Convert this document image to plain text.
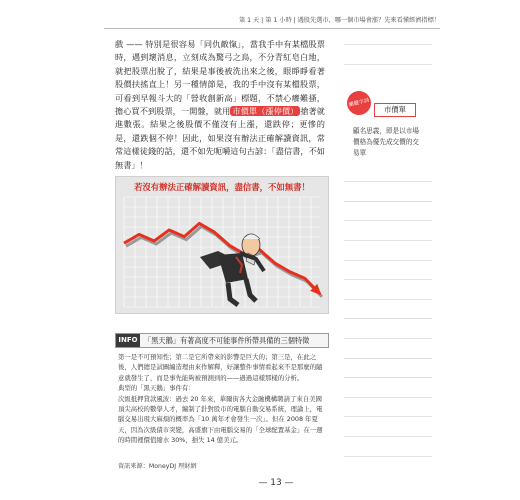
第 1 天 | 第 1 小時 | 遇股先選市，哪一個市場會漲？先來看懂經濟指標！
戲 —— 特別是很容易「同仇敵愾」，當我手中有某檔股票時，遇到壞消息，立刻成為驚弓之鳥，不分青紅皂白地，就把股票出脫了，結果是事後被洗出來之後，眼睜睜看著股價扶搖直上！另一種情節是，我的手中沒有某檔股票，可看到早報斗大的「營收創新高」標題，不禁心癢難搔，擔心買不到股票，一開盤，就用 市價單（漲停價） 搶著就進數張。結果之後股價不僅沒有上漲，還跌停；更慘的是，還跌個不停！因此，如果沒有辦法正確解讀資訊，常常這樣徒錢的話，還不如先呃嚼這句古諺：「盡信書，不如無書」！
若沒有辦法正確解讀資訊，盡信書，不如無書！
INFO 「黑天鵝」有著高度不可能事件所帶具備的三個特徵
第一是不可預知性；第二是它所帶來的影響是巨大的；第三是，在此之後，人們總是試圖編造理由來作解釋，好讓整件事情看起來不是那麼的隨意就發生了，而是事先能夠被預測到的——過過這樣那樣的分析。
典型的「黑天鵝」事件有：
次級抵押貸款風波：過去 20 年來，華爾街各大金融機構聘請了來自美國頂尖高校的數學人才，編制了針對股市的電腦自動交易系統，理論上，電腦交易出現大麻煩的概率為「10 萬年才會發生一次」。但在 2008 年夏天，因為次級債市突變，高盛旗下由電腦交易的「全球配置基金」在一週的時間裡價值縮水 30%，損失 14 億美元。
資訊來源：MoneyDJ 理財網
— 13 —
關鍵字詞
市價單
顧名思義，即是以市場價格為優先成交價的交易單
